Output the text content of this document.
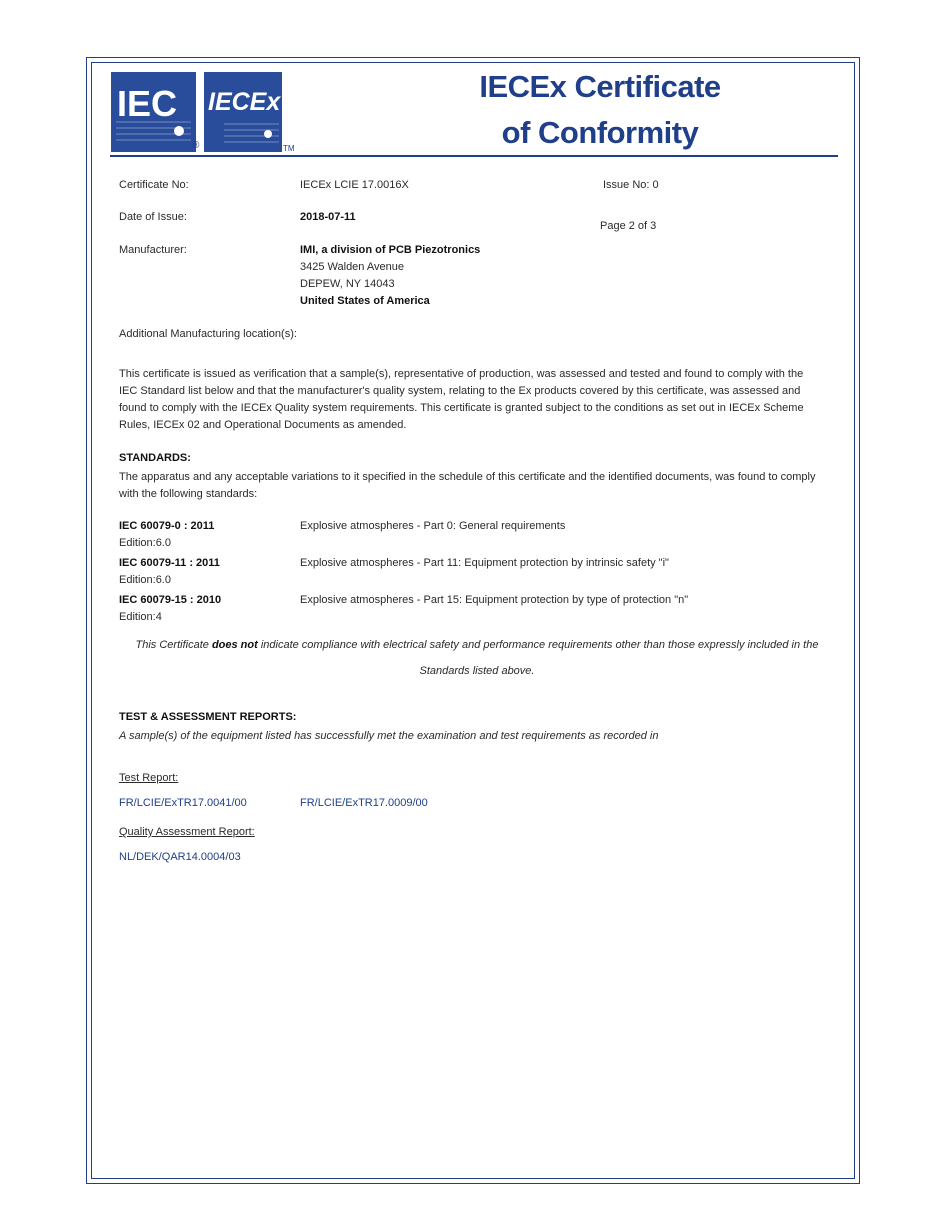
IEC
®
IECEx
TM
IECEx Certificate
of Conformity
Certificate No:	IECEx LCIE 17.0016X	Issue No: 0
Date of Issue:	2018-07-11
Page 2 of 3
Manufacturer:	IMI, a division of PCB Piezotronics
3425 Walden Avenue
DEPEW, NY 14043
United States of America
Additional Manufacturing location(s):
This certificate is issued as verification that a sample(s), representative of production, was assessed and tested and found to comply with the
IEC Standard list below and that the manufacturer's quality system, relating to the Ex products covered by this certificate, was assessed and
found to comply with the IECEx Quality system requirements. This certificate is granted subject to the conditions as set out in IECEx Scheme
Rules, IECEx 02 and Operational Documents as amended.
STANDARDS:
The apparatus and any acceptable variations to it specified in the schedule of this certificate and the identified documents, was found to comply
with the following standards:
IEC 60079-0 : 2011	Explosive atmospheres - Part 0: General requirements
Edition:6.0
IEC 60079-11 : 2011	Explosive atmospheres - Part 11: Equipment protection by intrinsic safety "i"
Edition:6.0
IEC 60079-15 : 2010	Explosive atmospheres - Part 15: Equipment protection by type of protection "n"
Edition:4
This Certificate does not indicate compliance with electrical safety and performance requirements other than those expressly included in the
Standards listed above.
TEST & ASSESSMENT REPORTS:
A sample(s) of the equipment listed has successfully met the examination and test requirements as recorded in
Test Report:
FR/LCIE/ExTR17.0041/00	FR/LCIE/ExTR17.0009/00
Quality Assessment Report:
NL/DEK/QAR14.0004/03
